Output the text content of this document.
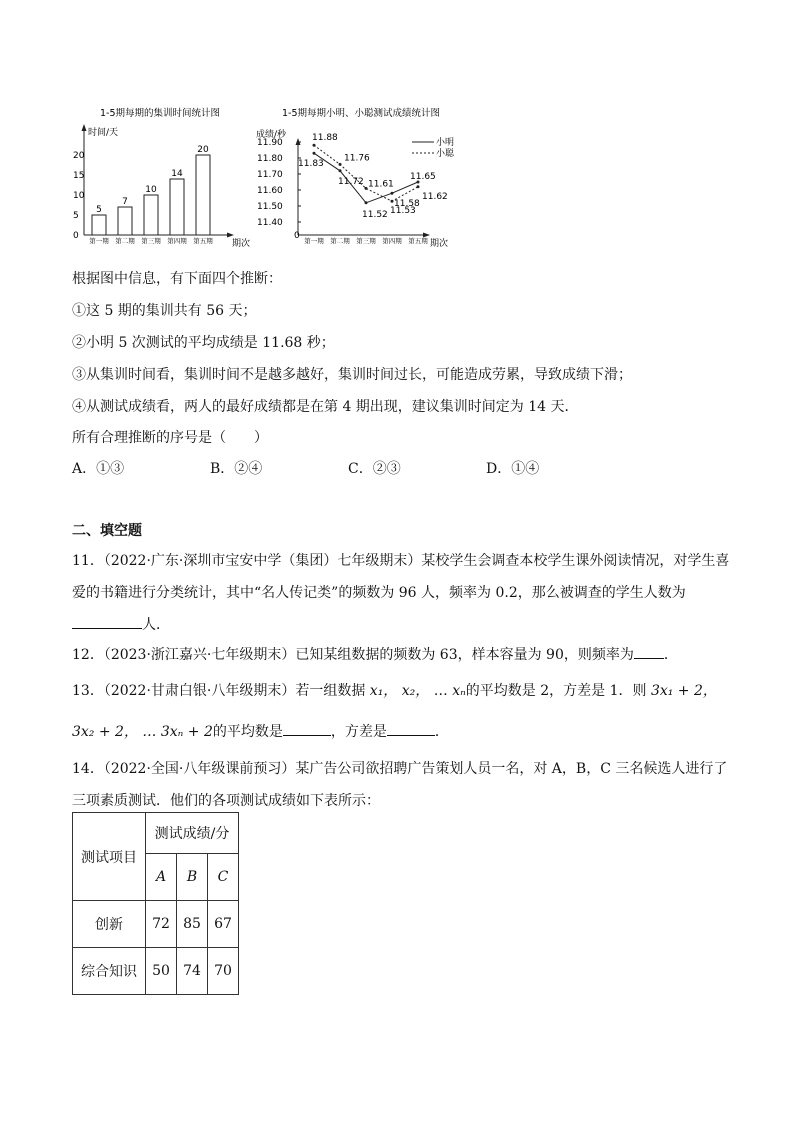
1-5期每期的集训时间统计图
时间/天
期次
0
5
10
15
20
5
7
10
14
20
第一期 第二期 第三期 第四期 第五期
1-5期每期小明、小聪测试成绩统计图
成绩/秒
0
期次
小明
小聪
11.40
11.50
11.60
11.70
11.80
11.90
第一期 第二期 第三期 第四期 第五期
11.83
11.72
11.52
11.58
11.65
11.88
11.76
11.61
11.53
11.62
根据图中信息，有下面四个推断：
①这 5 期的集训共有 56 天；
②小明 5 次测试的平均成绩是 11.68 秒；
③从集训时间看，集训时间不是越多越好，集训时间过长，可能造成劳累，导致成绩下滑；
④从测试成绩看，两人的最好成绩都是在第 4 期出现，建议集训时间定为 14 天．
所有合理推断的序号是（　　）
A．①③	B．②④	C．②③	D．①④
二、填空题
11．（2022·广东·深圳市宝安中学（集团）七年级期末）某校学生会调查本校学生课外阅读情况，对学生喜
爱的书籍进行分类统计，其中“名人传记类”的频数为 96 人，频率为 0.2，那么被调查的学生人数为
人．
12．（2023·浙江嘉兴·七年级期末）已知某组数据的频数为 63，样本容量为 90，则频率为 ．
13．（2022·甘肃白银·八年级期末）若一组数据 x₁， x₂， … xₙ的平均数是 2，方差是 1．则 3x₁ + 2，
3x₂ + 2， … 3xₙ + 2的平均数是	，方差是	．
14．（2022·全国·八年级课前预习）某广告公司欲招聘广告策划人员一名，对 A，B，C 三名候选人进行了
三项素质测试．他们的各项测试成绩如下表所示：
测试项目	测试成绩/分		
	A	B	C
创新	72	85	67
综合知识	50	74	70
